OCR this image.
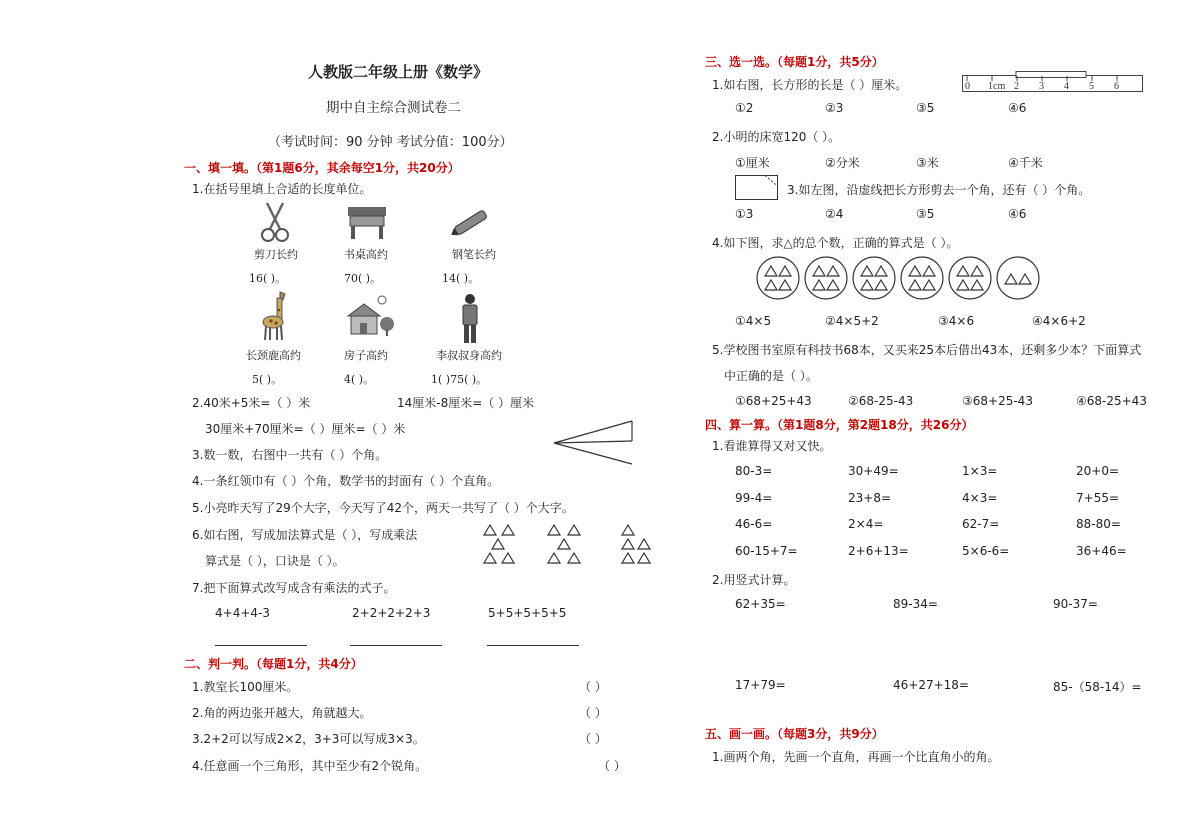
人教版二年级上册《数学》
期中自主综合测试卷二
（考试时间：90 分钟 考试分值：100分）
一、填一填。（第1题6分，其余每空1分，共20分）
1.在括号里填上合适的长度单位。
剪刀长约	书桌高约	钢笔长约
16( )。	70( )。	14( )。
长颈鹿高约	房子高约	李叔叔身高约
5( )。	4( )。	1( )75( )。
2.40米+5米=（ ）米	14厘米-8厘米=（ ）厘米
30厘米+70厘米=（ ）厘米=（ ）米
3.数一数，右图中一共有（ ）个角。
4.一条红领巾有（ ）个角，数学书的封面有（ ）个直角。
5.小亮昨天写了29个大字，今天写了42个，两天一共写了（ ）个大字。
6.如右图，写成加法算式是（ ），写成乘法
算式是（ ），口诀是（ ）。
7.把下面算式改写成含有乘法的式子。
4+4+4-3	2+2+2+2+3	5+5+5+5+5
二、判一判。（每题1分，共4分）
1.教室长100厘米。	（ ）
2.角的两边张开越大，角就越大。	（ ）
3.2+2可以写成2×2，3+3可以写成3×3。	（ ）
4.任意画一个三角形，其中至少有2个锐角。	（ ）
三、选一选。（每题1分，共5分）
1.如右图，长方形的长是（ ）厘米。	0 1cm 2 3 4 5 6
①2	②3	③5	④6
2.小明的床宽120（ ）。
①厘米	②分米	③米	④千米
3.如左图，沿虚线把长方形剪去一个角，还有（ ）个角。
①3	②4	③5	④6
4.如下图，求△的总个数，正确的算式是（ ）。
①4×5	②4×5+2	③4×6	④4×6+2
5.学校图书室原有科技书68本，又买来25本后借出43本，还剩多少本？下面算式
中正确的是（ ）。
①68+25+43	②68-25-43	③68+25-43	④68-25+43
四、算一算。（第1题8分，第2题18分，共26分）
1.看谁算得又对又快。
80-3=	30+49=	1×3=	20+0=
99-4=	23+8=	4×3=	7+55=
46-6=	2×4=	62-7=	88-80=
60-15+7=	2+6+13=	5×6-6=	36+46=
2.用竖式计算。
62+35=	89-34=	90-37=
17+79=	46+27+18=	85-（58-14）=
五、画一画。（每题3分，共9分）
1.画两个角，先画一个直角，再画一个比直角小的角。
